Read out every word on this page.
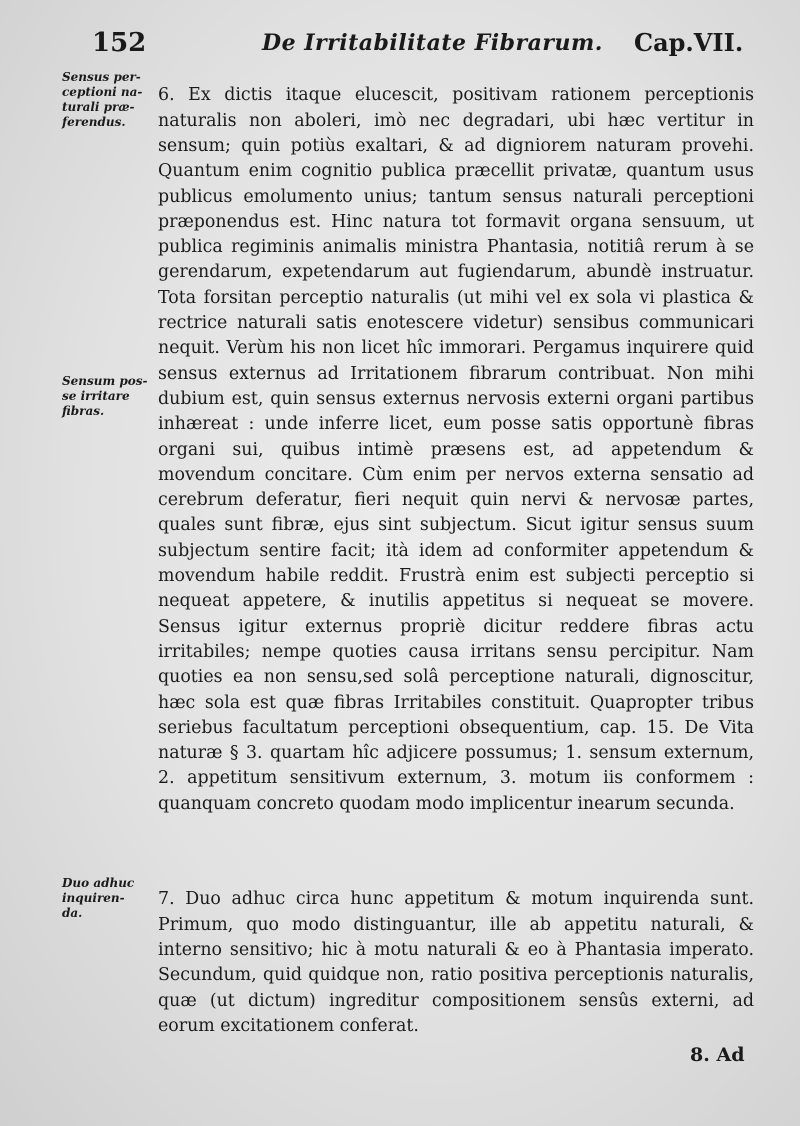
152	De Irritabilitate Fibrarum. Cap.VII.
Sensus per-
ceptioni na-
turali præ-
ferendus.
Sensum pos-
se irritare
fibras.
Duo adhuc
inquiren-
da.

6. Ex dictis itaque elucescit, positivam rationem perceptionis naturalis non aboleri, imò nec degradari, ubi hæc vertitur in sensum; quin potiùs exaltari, & ad digniorem naturam provehi. Quantum enim cognitio publica præcellit privatæ, quantum usus publicus emolumento unius; tantum sensus naturali perceptioni præponendus est. Hinc natura tot formavit organa sensuum, ut publica regiminis animalis ministra Phantasia, notitiâ rerum à se gerendarum, expetendarum aut fugiendarum, abundè instruatur. Tota forsitan perceptio naturalis (ut mihi vel ex sola vi plastica & rectrice naturali satis enotescere videtur) sensibus communicari nequit. Verùm his non licet hîc immorari. Pergamus inquirere quid sensus externus ad Irritationem fibrarum contribuat. Non mihi dubium est, quin sensus externus nervosis externi organi partibus inhæreat : unde inferre licet, eum posse satis opportunè fibras organi sui, quibus intimè præsens est, ad appetendum & movendum concitare. Cùm enim per nervos externa sensatio ad cerebrum deferatur, fieri nequit quin nervi & nervosæ partes, quales sunt fibræ, ejus sint subjectum. Sicut igitur sensus suum subjectum sentire facit; ità idem ad conformiter appetendum & movendum habile reddit. Frustrà enim est subjecti perceptio si nequeat appetere, & inutilis appetitus si nequeat se movere. Sensus igitur externus propriè dicitur reddere fibras actu irritabiles; nempe quoties causa irritans sensu percipitur. Nam quoties ea non sensu,sed solâ perceptione naturali, dignoscitur, hæc sola est quæ fibras Irritabiles constituit. Quapropter tribus seriebus facultatum perceptioni obsequentium, cap. 15. De Vita naturæ § 3. quartam hîc adjicere possumus; 1. sensum externum, 2. appetitum sensitivum externum, 3. motum iis conformem : quanquam concreto quodam modo implicentur inearum secunda.

7. Duo adhuc circa hunc appetitum & motum inquirenda sunt. Primum, quo modo distinguantur, ille ab appetitu naturali, & interno sensitivo; hic à motu naturali & eo à Phantasia imperato. Secundum, quid quidque non, ratio positiva perceptionis naturalis, quæ (ut dictum) ingreditur compositionem sensûs externi, ad eorum excitationem conferat.

8. Ad
